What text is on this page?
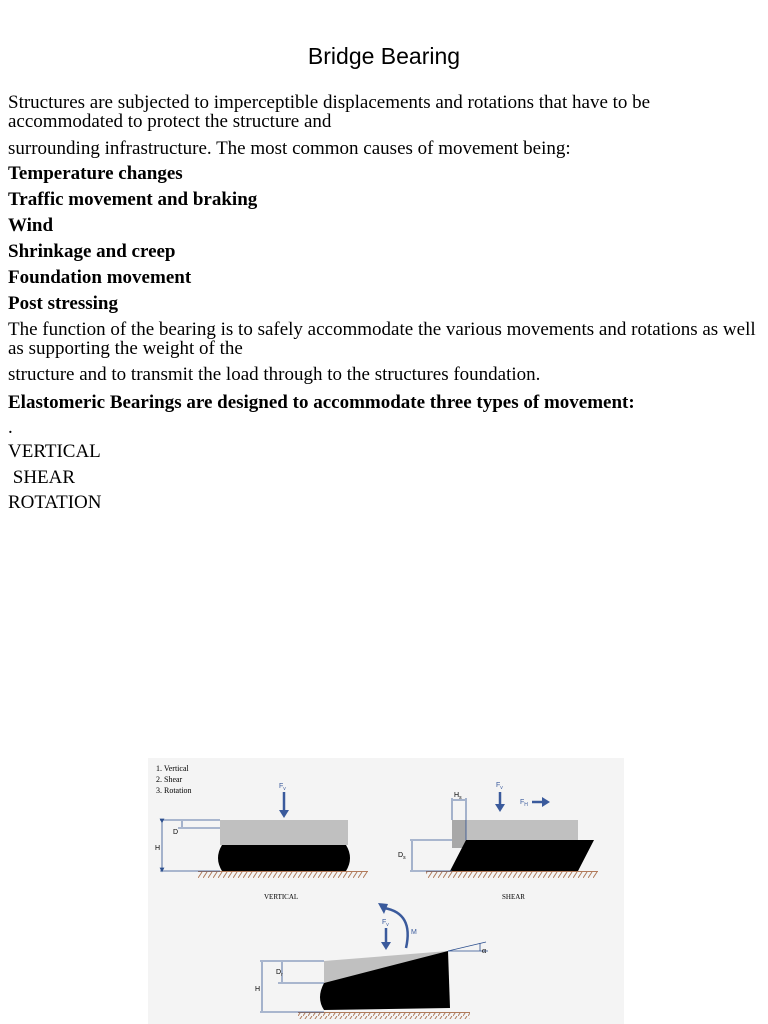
Bridge Bearing

Structures are subjected to imperceptible displacements and rotations that have to be accommodated to protect the structure and

surrounding infrastructure. The most common causes of movement being:

Temperature changes

Traffic movement and braking

Wind

Shrinkage and creep

Foundation movement

Post stressing

The function of the bearing is to safely accommodate the various movements and rotations as well as supporting the weight of the

structure and to transmit the load through to the structures foundation.

Elastomeric Bearings are designed to accommodate three types of movement:

.

VERTICAL

SHEAR

ROTATION

1. Vertical
2. Shear
3. Rotation	$F_v$
H
D
VERTICAL
$F_v$
$F_H$
$H_s$
$D_s$
SHEAR
$F_v$
M
α
H
$D_r$
